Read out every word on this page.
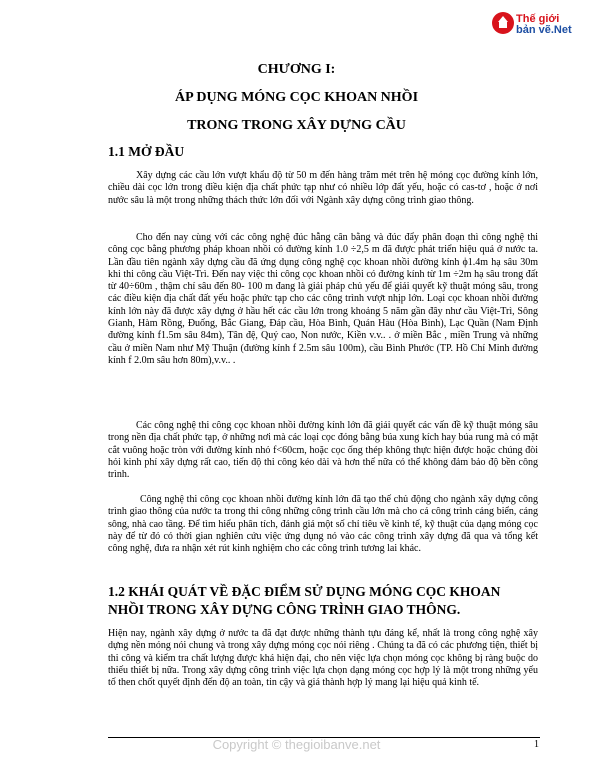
Thế giới
bản vẽ.Net
CHƯƠNG I:
ÁP DỤNG MÓNG CỌC KHOAN NHỒI
TRONG TRONG XÂY DỰNG CẦU
1.1 MỞ ĐẦU
Xây dựng các cầu lớn vượt khẩu độ từ 50 m đến hàng trăm mét trên hệ móng cọc đường kính lớn, chiều dài cọc lớn trong điều kiện địa chất phức tạp như có nhiều lớp đất yếu, hoặc có cas-tơ , hoặc ở nơi nước sâu là một trong những thách thức lớn đối với Ngành xây dựng công trình giao thông.
Cho đến nay cùng với các công nghệ đúc hẫng cân bằng và đúc đẩy phân đoạn thì công nghệ thi công cọc bằng phương pháp khoan nhồi có đường kính 1.0 ÷2,5 m đã được phát triển hiệu quả ở nước ta. Lần đầu tiên ngành xây dựng cầu đã ứng dụng công nghệ cọc khoan nhồi đường kính ϕ1.4m hạ sâu 30m khi thi công cầu Việt-Trì. Đến nay việc thi công cọc khoan nhồi có đường kính từ 1m ÷2m hạ sâu trong đất từ 40÷60m , thậm chí sâu đến 80- 100 m đang là giải pháp chủ yếu để giải quyết kỹ thuật móng sâu, trong các điều kiện địa chất đất yếu hoặc phức tạp cho các công trình vượt nhịp lớn. Loại cọc khoan nhồi đường kính lớn này đã được xây dựng ở hầu hết các cầu lớn trong khoảng 5 năm gần đây như cầu Việt-Trì, Sông Gianh, Hàm Rồng, Đuống, Bắc Giang, Đáp cầu, Hòa Bình, Quán Hàu (Hòa Bình), Lạc Quần (Nam Định đường kính f1.5m sâu 84m), Tân đệ, Quý cao, Non nước, Kiền v.v.. . ở miền Bắc , miền Trung và những cầu ở miền Nam như Mỹ Thuận (đường kính f 2.5m sâu 100m), cầu Bình Phước (TP. Hồ Chí Minh đường kính f 2.0m sâu hơn 80m),v.v.. .
Các công nghệ thi công cọc khoan nhồi đường kính lớn đã giải quyết các vấn đề kỹ thuật móng sâu trong nền địa chất phức tạp, ở những nơi mà các loại cọc đóng bằng búa xung kích hay búa rung mà có mặt cắt vuông hoặc tròn với đường kính nhỏ f<60cm, hoặc cọc ống thép không thực hiện được hoặc chúng đòi hỏi kinh phí xây dựng rất cao, tiến độ thi công kéo dài và hơn thế nữa có thể không đảm bảo độ bền công trình.
Công nghệ thi công cọc khoan nhồi đường kính lớn đã tạo thế chủ động cho ngành xây dựng công trình giao thông của nước ta trong thi công những công trình cầu lớn mà cho cả công trình cảng biển, cảng sông, nhà cao tầng. Để tìm hiểu phân tích, đánh giá một số chỉ tiêu về kinh tế, kỹ thuật của dạng móng cọc này để từ đó có thời gian nghiên cứu việc ứng dụng nó vào các công trình xây dựng đã qua và tổng kết công nghệ, đưa ra nhận xét rút kinh nghiệm cho các công trình tương lai khác.
1.2 KHÁI QUÁT VỀ ĐẶC ĐIỂM SỬ DỤNG MÓNG CỌC KHOAN
NHỒI TRONG XÂY DỰNG CÔNG TRÌNH GIAO THÔNG.
Hiện nay, ngành xây dựng ở nước ta đã đạt được những thành tựu đáng kể, nhất là trong công nghệ xây dựng nền móng nói chung và trong xây dựng móng cọc nói riêng . Chúng ta đã có các phương tiện, thiết bị thi công và kiểm tra chất lượng được khá hiện đại, cho nên việc lựa chọn móng cọc không bị ràng buộc do thiếu thiết bị nữa. Trong xây dựng công trình việc lựa chọn dạng móng cọc hợp lý là một trong những yếu tố then chốt quyết định đến độ an toàn, tin cậy và giá thành hợp lý mang lại hiệu quả kinh tế.
Copyright © thegioibanve.net	1
